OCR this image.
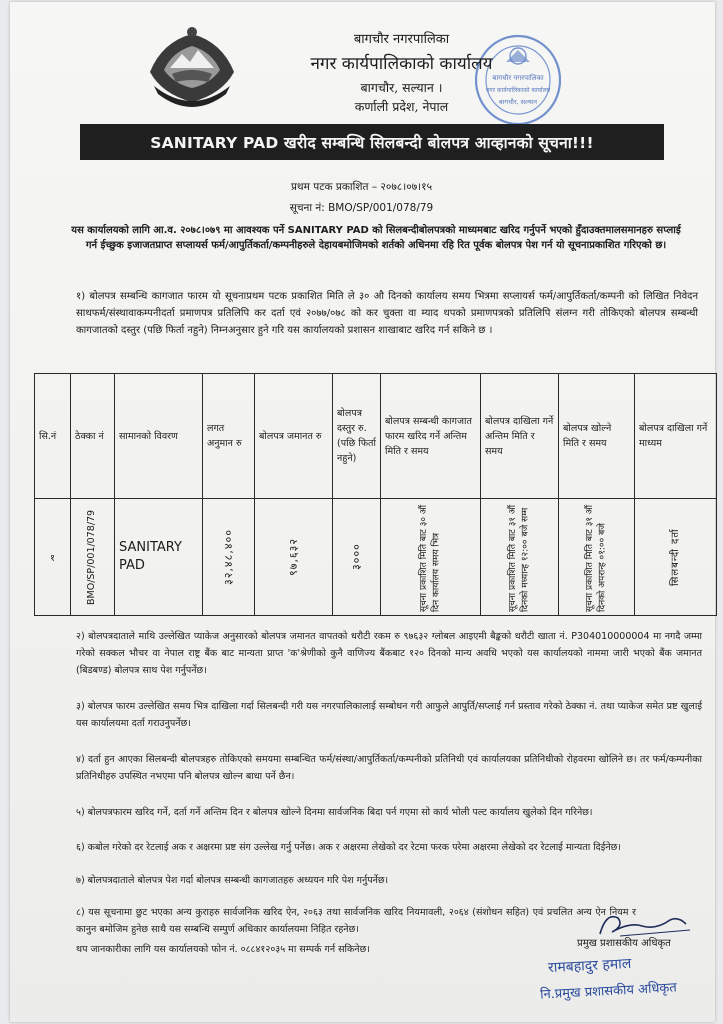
बागचौर नगरपालिका
नगर कार्यपालिकाको कार्यालय
बागचौर, सल्यान
बागचौर नगरपालिका
नगर कार्यपालिकाको कार्यालय
बागचौर, सल्यान ।
कर्णाली प्रदेश, नेपाल
SANITARY PAD खरीद सम्बन्धि सिलबन्दी बोलपत्र आव्हानको सूचना!!!
प्रथम पटक प्रकाशित – २०७८।०७।१५
सूचना नं: BMO/SP/001/078/79
यस कार्यालयको लागि आ.व. २०७८।०७९ मा आवश्यक पर्ने SANITARY PAD को सिलबन्दीबोलपत्रको माध्यमबाट खरिद गर्नुपर्ने भएको हुँदाउक्तमालसमानहरु सप्लाई गर्न ईच्छुक इजाजतप्राप्त सप्लायर्स फर्म/आपुर्तिकर्ता/कम्पनीहरुले देहायबमोजिमको शर्तको अधिनमा रहि रित पूर्वक बोलपत्र पेश गर्न यो सूचनाप्रकाशित गरिएको छ।
१) बोलपत्र सम्बन्धि कागजात फारम यो सूचनाप्रथम पटक प्रकाशित मिति ले ३० औ दिनको कार्यालय समय भित्रमा सप्लायर्स फर्म/आपुर्तिकर्ता/कम्पनी को लिखित निवेदन साथफर्म/संस्थावाकम्पनीदर्ता प्रमाणपत्र प्रतिलिपि कर दर्ता एवं २०७७/०७८ को कर चुक्ता वा म्याद थपको प्रमाणपत्रको प्रतिलिपि संलग्न गरी तोकिएको बोलपत्र सम्बन्धी कागजातको दस्तुर (पछि फिर्ता नहुने) निम्नअनुसार हुने गरि यस कार्यालयको प्रशासन शाखाबाट खरिद गर्न सकिने छ ।
सि.नं	ठेक्का नं	सामानको विवरण	लगत अनुमान रु	बोलपत्र जमानत रु	बोलपत्र दस्तुर रु. (पछि फिर्ता नहुने)	बोलपत्र सम्बन्धी कागजात फारम खरिद गर्ने अन्तिम मिति र समय	बोलपत्र दाखिला गर्ने अन्तिम मिति र समय	बोलपत्र खोल्ने मिति र समय	बोलपत्र दाखिला गर्ने माध्यम
१	BMO/SP/001/078/79	SANITARY PAD	३२,४८,४००	९७,६३२	३०००	सूचना प्रकाशित मिति बाट ३० औं दिन कार्यालय समय भित्र	सूचना प्रकाशित मिति बाट ३१ औं दिनको मध्यान्ह १२:०० बजे सम्म	सूचना प्रकाशित मिति बाट ३१ औं दिनको अपरान्ह ०१:०० बजे	सिलबन्दी दर्ता
२) बोलपत्रदाताले माथि उल्लेखित प्याकेज अनुसारको बोलपत्र जमानत वापतको धरौटी रकम रु ९७६३२ ग्लोबल आइएमी बैङ्कको धरौटी खाता नं. P304010000004 मा नगदै जम्मा गरेको सक्कल भौचर वा नेपाल राष्ट्र बैंक बाट मान्यता प्राप्त 'क'श्रेणीको कुनै वाणिज्य बैंकबाट १२० दिनको मान्य अवधि भएको यस कार्यालयको नाममा जारी भएको बैंक जमानत (बिडबण्ड) बोलपत्र साथ पेश गर्नुपर्नेछ।
३) बोलपत्र फारम उल्लेखित समय भित्र दाखिला गर्दा सिलबन्दी गरी यस नगरपालिकालाई सम्बोधन गरी आफुले आपुर्ति/सप्लाई गर्न प्रस्ताव गरेको ठेक्का नं. तथा प्याकेज समेत प्रष्ट खुलाई यस कार्यालयमा दर्ता गराउनुपर्नेछ।
४) दर्ता हुन आएका सिलबन्दी बोलपत्रहरु तोकिएको समयमा सम्बन्धित फर्म/संस्था/आपुर्तिकर्ता/कम्पनीको प्रतिनिधी एवं कार्यालयका प्रतिनिधीको रोहवरमा खोलिने छ। तर फर्म/कम्पनीका प्रतिनिधीहरु उपस्थित नभएमा पनि बोलपत्र खोल्न बाधा पर्ने छैन।
५) बोलपत्रफारम खरिद गर्ने, दर्ता गर्ने अन्तिम दिन र बोलपत्र खोल्ने दिनमा सार्वजनिक बिदा पर्न गएमा सो कार्य भोली पल्ट कार्यालय खुलेको दिन गरिनेछ।
६) कबोल गरेको दर रेटलाई अक र अक्षरमा प्रष्ट संग उल्लेख गर्नु पर्नेछ। अक र अक्षरमा लेखेको दर रेटमा फरक परेमा अक्षरमा लेखेको दर रेटलाई मान्यता दिईनेछ।
७) बोलपत्रदाताले बोलपत्र पेश गर्दा बोलपत्र सम्बन्धी कागजातहरु अध्ययन गरि पेश गर्नुपर्नेछ।
८) यस सूचनामा छुट भएका अन्य कुराहरु सार्वजनिक खरिद ऐन, २०६३ तथा सार्वजनिक खरिद नियमावली, २०६४ (संशोधन सहित) एवं प्रचलित अन्य ऐन नियम र कानुन बमोजिम हुनेछ साथै यस सम्बन्धि सम्पुर्ण अधिकार कार्यालयमा निहित रहनेछ।
थप जानकारीका लागि यस कार्यालयको फोन नं. ०८८४१२०३५ मा सम्पर्क गर्न सकिनेछ।
प्रमुख प्रशासकीय अधिकृत
रामबहादुर हमाल
नि.प्रमुख प्रशासकीय अधिकृत
